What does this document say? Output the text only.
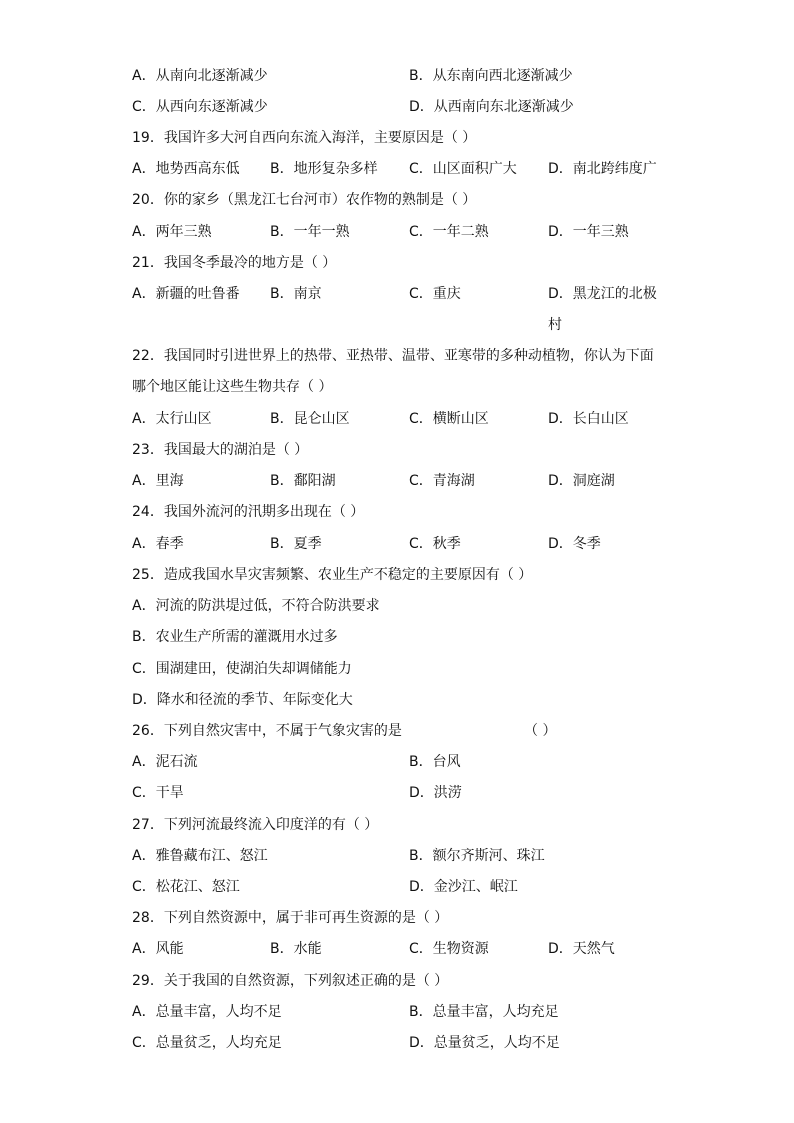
A．从南向北逐渐减少	B．从东南向西北逐渐减少
C．从西向东逐渐减少	D．从西南向东北逐渐减少
19．我国许多大河自西向东流入海洋，主要原因是（ ）
A．地势西高东低 B．地形复杂多样 C．山区面积广大 D．南北跨纬度广
20．你的家乡（黑龙江七台河市）农作物的熟制是（ ）
A．两年三熟	B．一年一熟	C．一年二熟	D．一年三熟
21．我国冬季最冷的地方是（ ）
A．新疆的吐鲁番 B．南京	C．重庆	D．黑龙江的北极村
22．我国同时引进世界上的热带、亚热带、温带、亚寒带的多种动植物，你认为下面哪个地区能让这些生物共存（ ）
A．太行山区	B．昆仑山区	C．横断山区	D．长白山区
23．我国最大的湖泊是（ ）
A．里海	B．鄱阳湖	C．青海湖	D．洞庭湖
24．我国外流河的汛期多出现在（ ）
A．春季	B．夏季	C．秋季	D．冬季
25．造成我国水旱灾害频繁、农业生产不稳定的主要原因有（ ）
A．河流的防洪堤过低，不符合防洪要求
B．农业生产所需的灌溉用水过多
C．围湖建田，使湖泊失却调储能力
D．降水和径流的季节、年际变化大
26．下列自然灾害中，不属于气象灾害的是	（ ）
A．泥石流	B．台风
C．干旱	D．洪涝
27．下列河流最终流入印度洋的有（ ）
A．雅鲁藏布江、怒江	B．额尔齐斯河、珠江
C．松花江、怒江	D．金沙江、岷江
28．下列自然资源中，属于非可再生资源的是（ ）
A．风能	B．水能	C．生物资源	D．天然气
29．关于我国的自然资源，下列叙述正确的是（ ）
A．总量丰富，人均不足	B．总量丰富，人均充足
C．总量贫乏，人均充足	D．总量贫乏，人均不足
